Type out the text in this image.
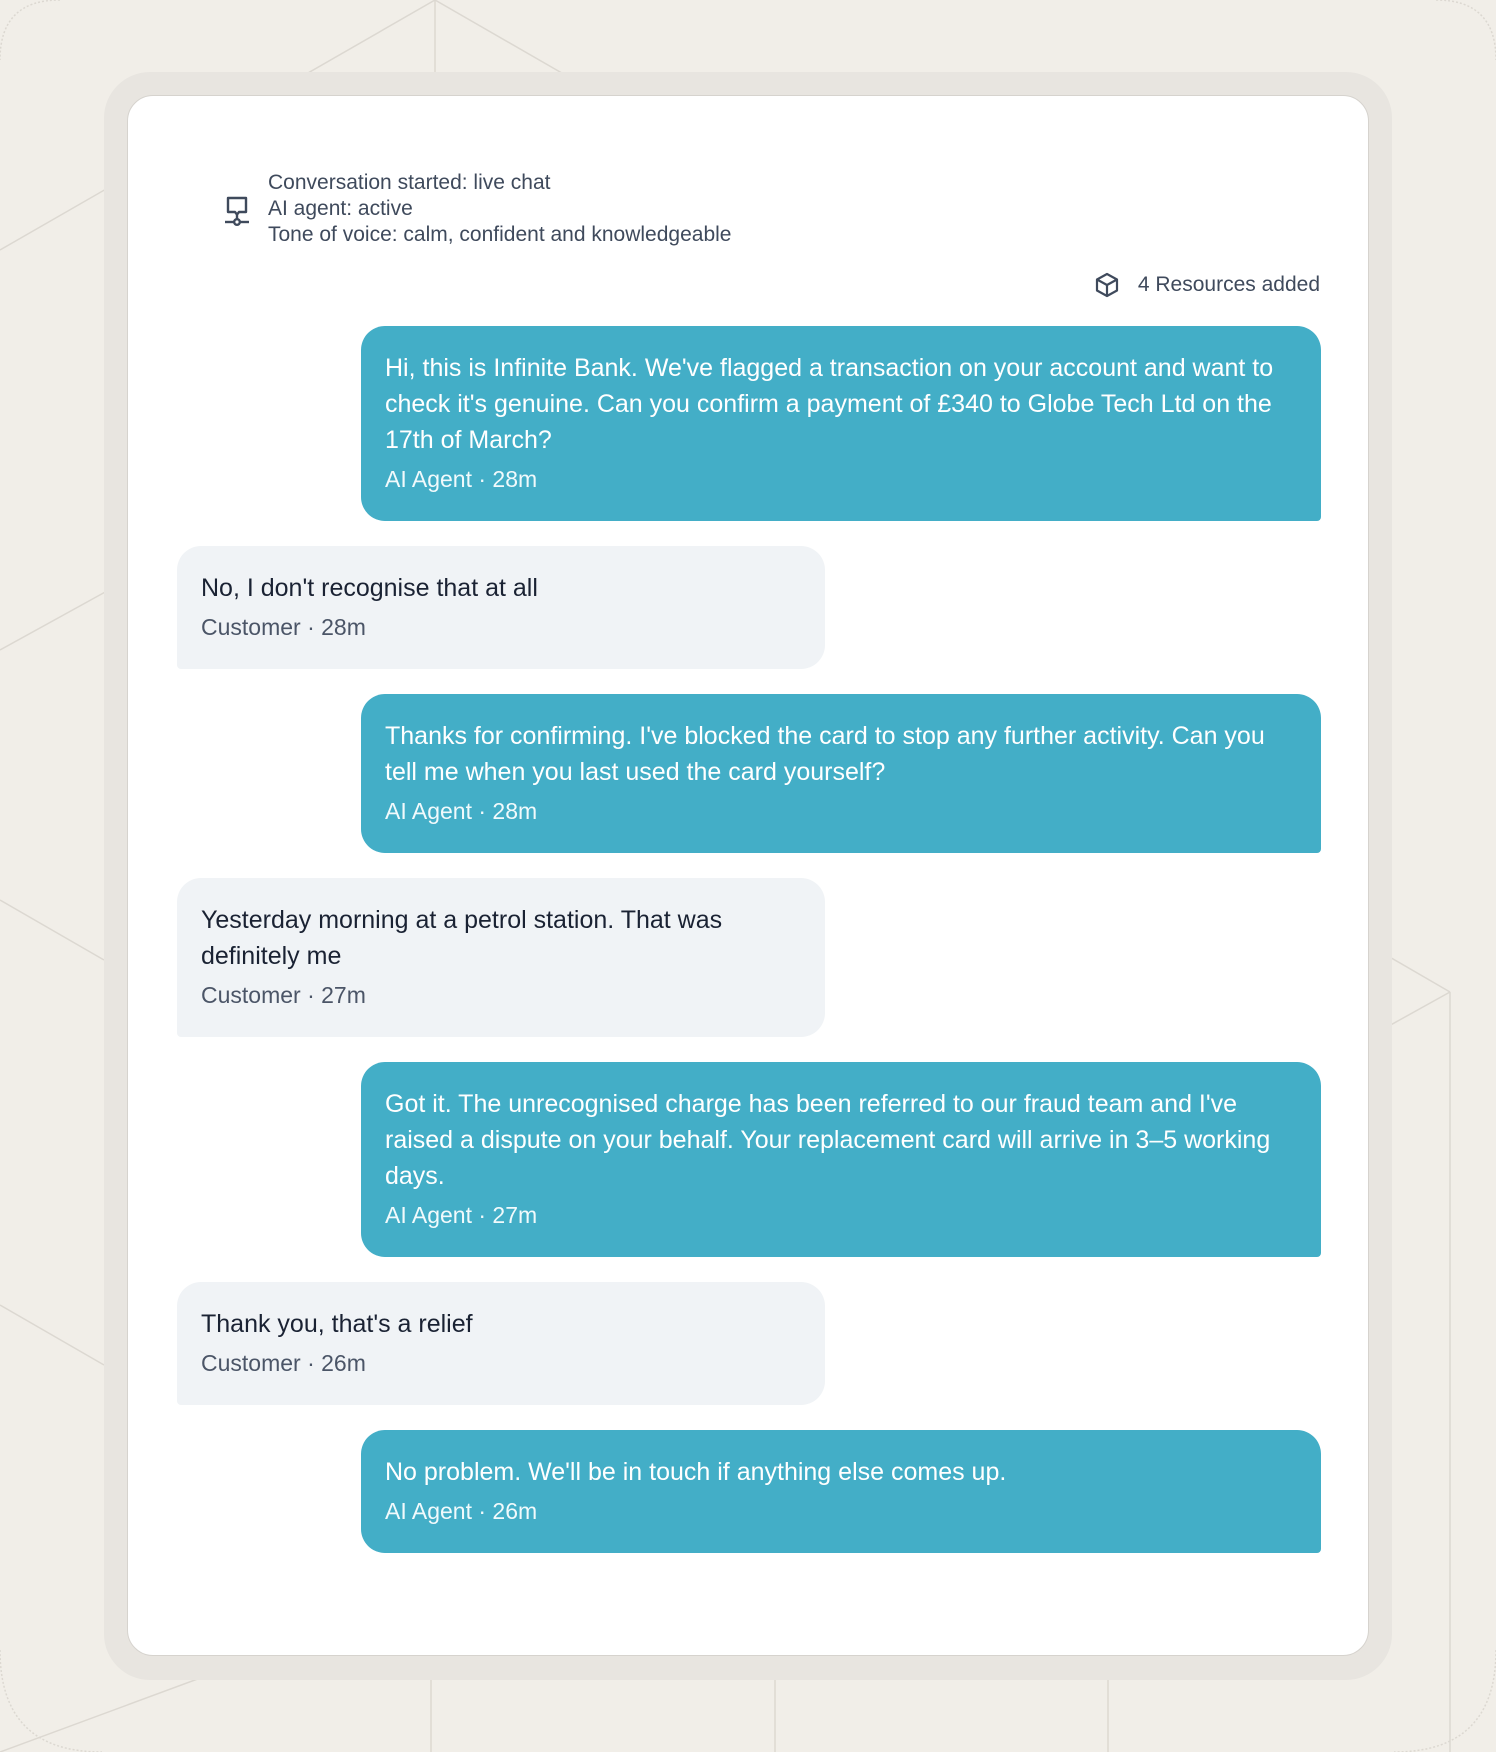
Conversation started: live chat
AI agent: active
Tone of voice: calm, confident and knowledgeable
4 Resources added
Hi, this is Infinite Bank. We've flagged a transaction on your account and want to check it's genuine. Can you confirm a payment of £340 to Globe Tech Ltd on the 17th of March?
AI Agent · 28m
No, I don't recognise that at all
Customer · 28m
Thanks for confirming. I've blocked the card to stop any further activity. Can you tell me when you last used the card yourself?
AI Agent · 28m
Yesterday morning at a petrol station. That was definitely me
Customer · 27m
Got it. The unrecognised charge has been referred to our fraud team and I've raised a dispute on your behalf. Your replacement card will arrive in 3–5 working days.
AI Agent · 27m
Thank you, that's a relief
Customer · 26m
No problem. We'll be in touch if anything else comes up.
AI Agent · 26m
